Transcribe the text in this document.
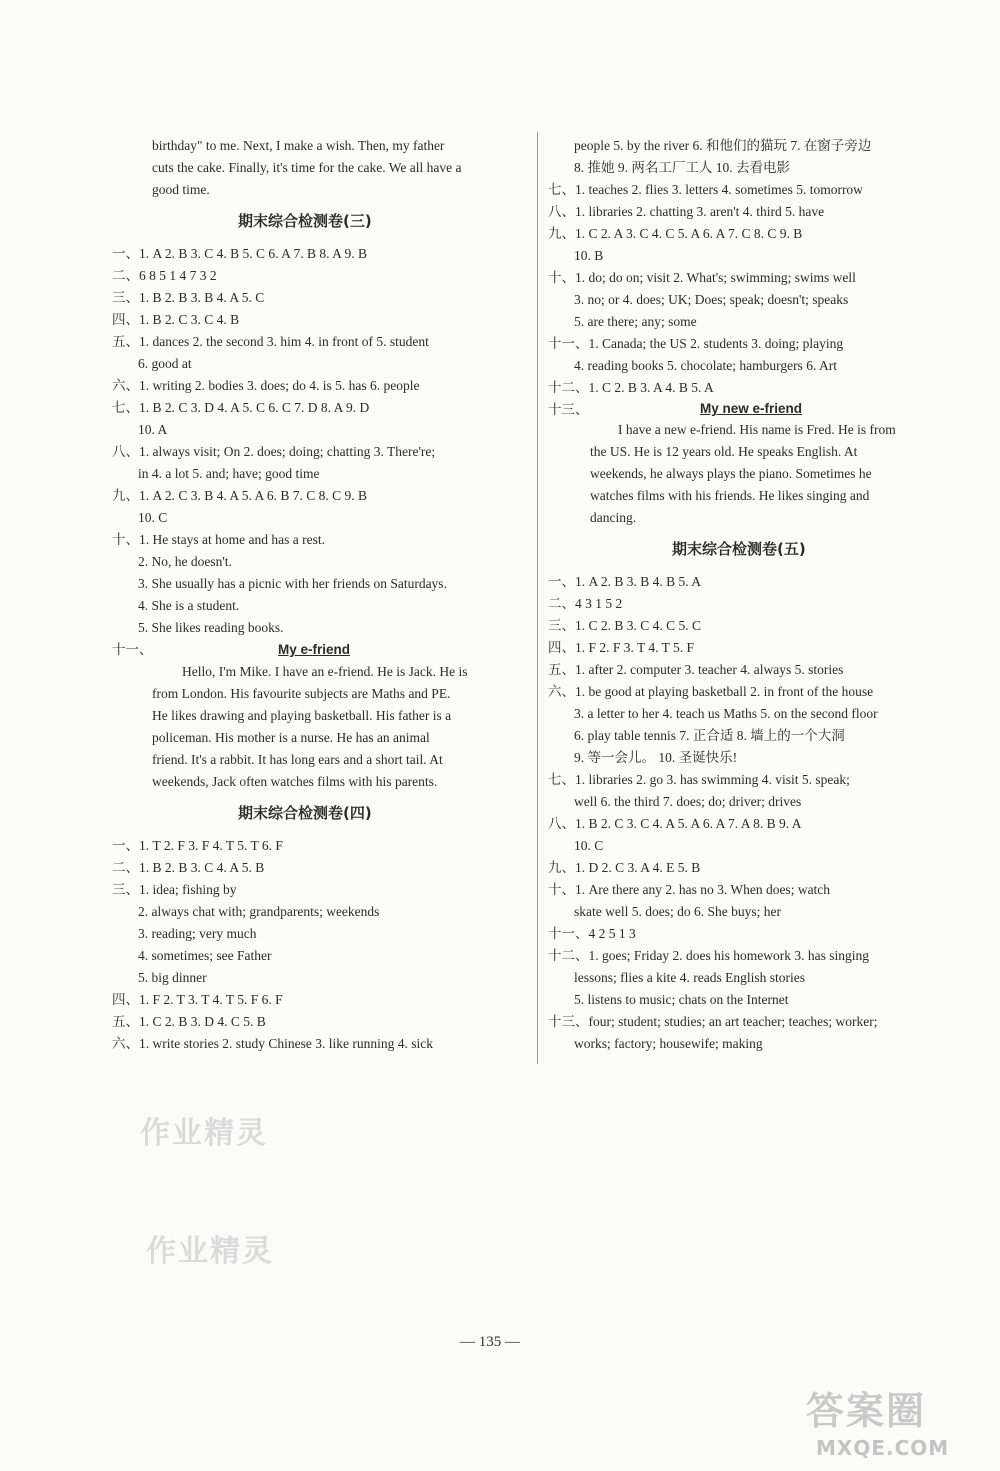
birthday" to me. Next, I make a wish. Then, my father
cuts the cake. Finally, it's time for the cake. We all have a
good time.
期末综合检测卷(三)
一、1. A 2. B 3. C 4. B 5. C 6. A 7. B 8. A 9. B
二、6 8 5 1 4 7 3 2
三、1. B 2. B 3. B 4. A 5. C
四、1. B 2. C 3. C 4. B
五、1. dances 2. the second 3. him 4. in front of 5. student
6. good at
六、1. writing 2. bodies 3. does; do 4. is 5. has 6. people
七、1. B 2. C 3. D 4. A 5. C 6. C 7. D 8. A 9. D
10. A
八、1. always visit; On 2. does; doing; chatting 3. There're;
in 4. a lot 5. and; have; good time
九、1. A 2. C 3. B 4. A 5. A 6. B 7. C 8. C 9. B
10. C
十、1. He stays at home and has a rest.
2. No, he doesn't.
3. She usually has a picnic with her friends on Saturdays.
4. She is a student.
5. She likes reading books.
十一、	My e-friend
Hello, I'm Mike. I have an e-friend. He is Jack. He is
from London. His favourite subjects are Maths and PE.
He likes drawing and playing basketball. His father is a
policeman. His mother is a nurse. He has an animal
friend. It's a rabbit. It has long ears and a short tail. At
weekends, Jack often watches films with his parents.
期末综合检测卷(四)
一、1. T 2. F 3. F 4. T 5. T 6. F
二、1. B 2. B 3. C 4. A 5. B
三、1. idea; fishing by
2. always chat with; grandparents; weekends
3. reading; very much
4. sometimes; see Father
5. big dinner
四、1. F 2. T 3. T 4. T 5. F 6. F
五、1. C 2. B 3. D 4. C 5. B
六、1. write stories 2. study Chinese 3. like running 4. sick
people 5. by the river 6. 和他们的猫玩 7. 在窗子旁边
8. 推她 9. 两名工厂工人 10. 去看电影
七、1. teaches 2. flies 3. letters 4. sometimes 5. tomorrow
八、1. libraries 2. chatting 3. aren't 4. third 5. have
九、1. C 2. A 3. C 4. C 5. A 6. A 7. C 8. C 9. B
10. B
十、1. do; do on; visit 2. What's; swimming; swims well
3. no; or 4. does; UK; Does; speak; doesn't; speaks
5. are there; any; some
十一、1. Canada; the US 2. students 3. doing; playing
4. reading books 5. chocolate; hamburgers 6. Art
十二、1. C 2. B 3. A 4. B 5. A
十三、	My new e-friend
I have a new e-friend. His name is Fred. He is from
the US. He is 12 years old. He speaks English. At
weekends, he always plays the piano. Sometimes he
watches films with his friends. He likes singing and
dancing.
期末综合检测卷(五)
一、1. A 2. B 3. B 4. B 5. A
二、4 3 1 5 2
三、1. C 2. B 3. C 4. C 5. C
四、1. F 2. F 3. T 4. T 5. F
五、1. after 2. computer 3. teacher 4. always 5. stories
六、1. be good at playing basketball 2. in front of the house
3. a letter to her 4. teach us Maths 5. on the second floor
6. play table tennis 7. 正合适 8. 墙上的一个大洞
9. 等一会儿。 10. 圣诞快乐!
七、1. libraries 2. go 3. has swimming 4. visit 5. speak;
well 6. the third 7. does; do; driver; drives
八、1. B 2. C 3. C 4. A 5. A 6. A 7. A 8. B 9. A
10. C
九、1. D 2. C 3. A 4. E 5. B
十、1. Are there any 2. has no 3. When does; watch
skate well 5. does; do 6. She buys; her
十一、4 2 5 1 3
十二、1. goes; Friday 2. does his homework 3. has singing
lessons; flies a kite 4. reads English stories
5. listens to music; chats on the Internet
十三、four; student; studies; an art teacher; teaches; worker;
works; factory; housewife; making
作业精灵
作业精灵
— 135 —
答案圈
MXQE.COM
